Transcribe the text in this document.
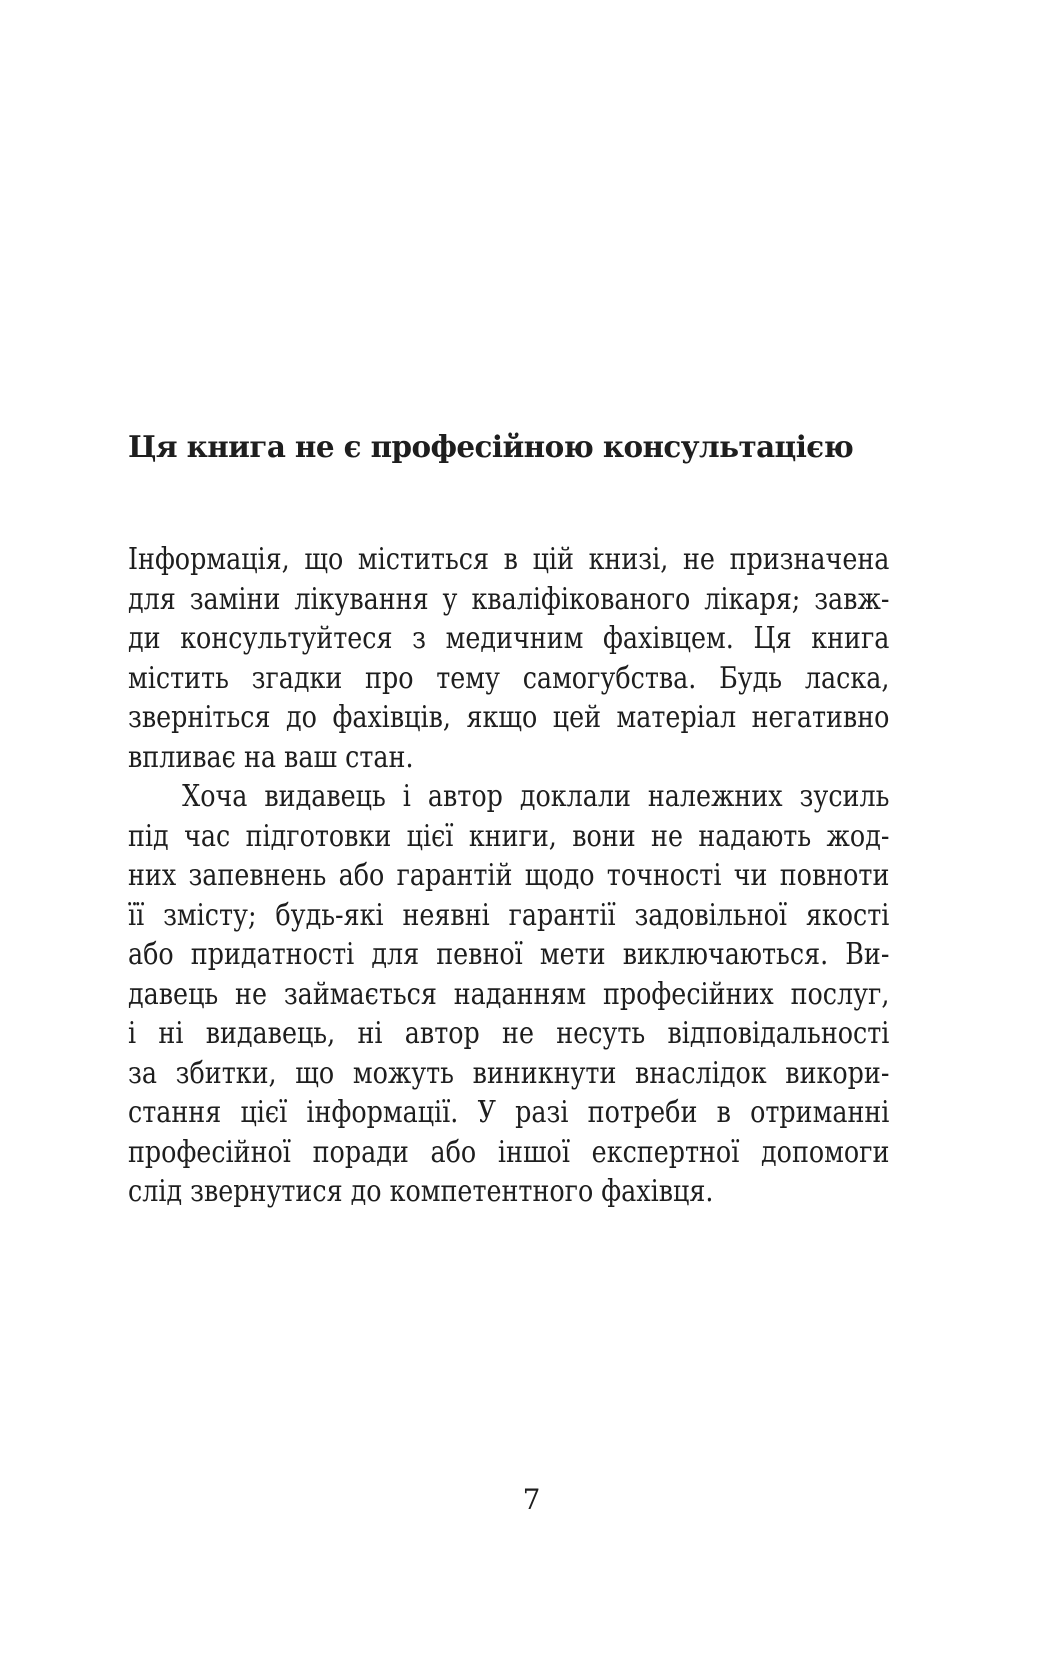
Ця книга не є професійною консультацією
Інформація, що міститься в цій книзі, не призначена
для заміни лікування у кваліфікованого лікаря; завж-
ди консультуйтеся з медичним фахівцем. Ця книга
містить згадки про тему самогубства. Будь ласка,
зверніться до фахівців, якщо цей матеріал негативно
впливає на ваш стан.
Хоча видавець і автор доклали належних зусиль
під час підготовки цієї книги, вони не надають жод-
них запевнень або гарантій щодо точності чи повноти
її змісту; будь-які неявні гарантії задовільної якості
або придатності для певної мети виключаються. Ви-
давець не займається наданням професійних послуг,
і ні видавець, ні автор не несуть відповідальності
за збитки, що можуть виникнути внаслідок викори-
стання цієї інформації. У разі потреби в отриманні
професійної поради або іншої експертної допомоги
слід звернутися до компетентного фахівця.
7
